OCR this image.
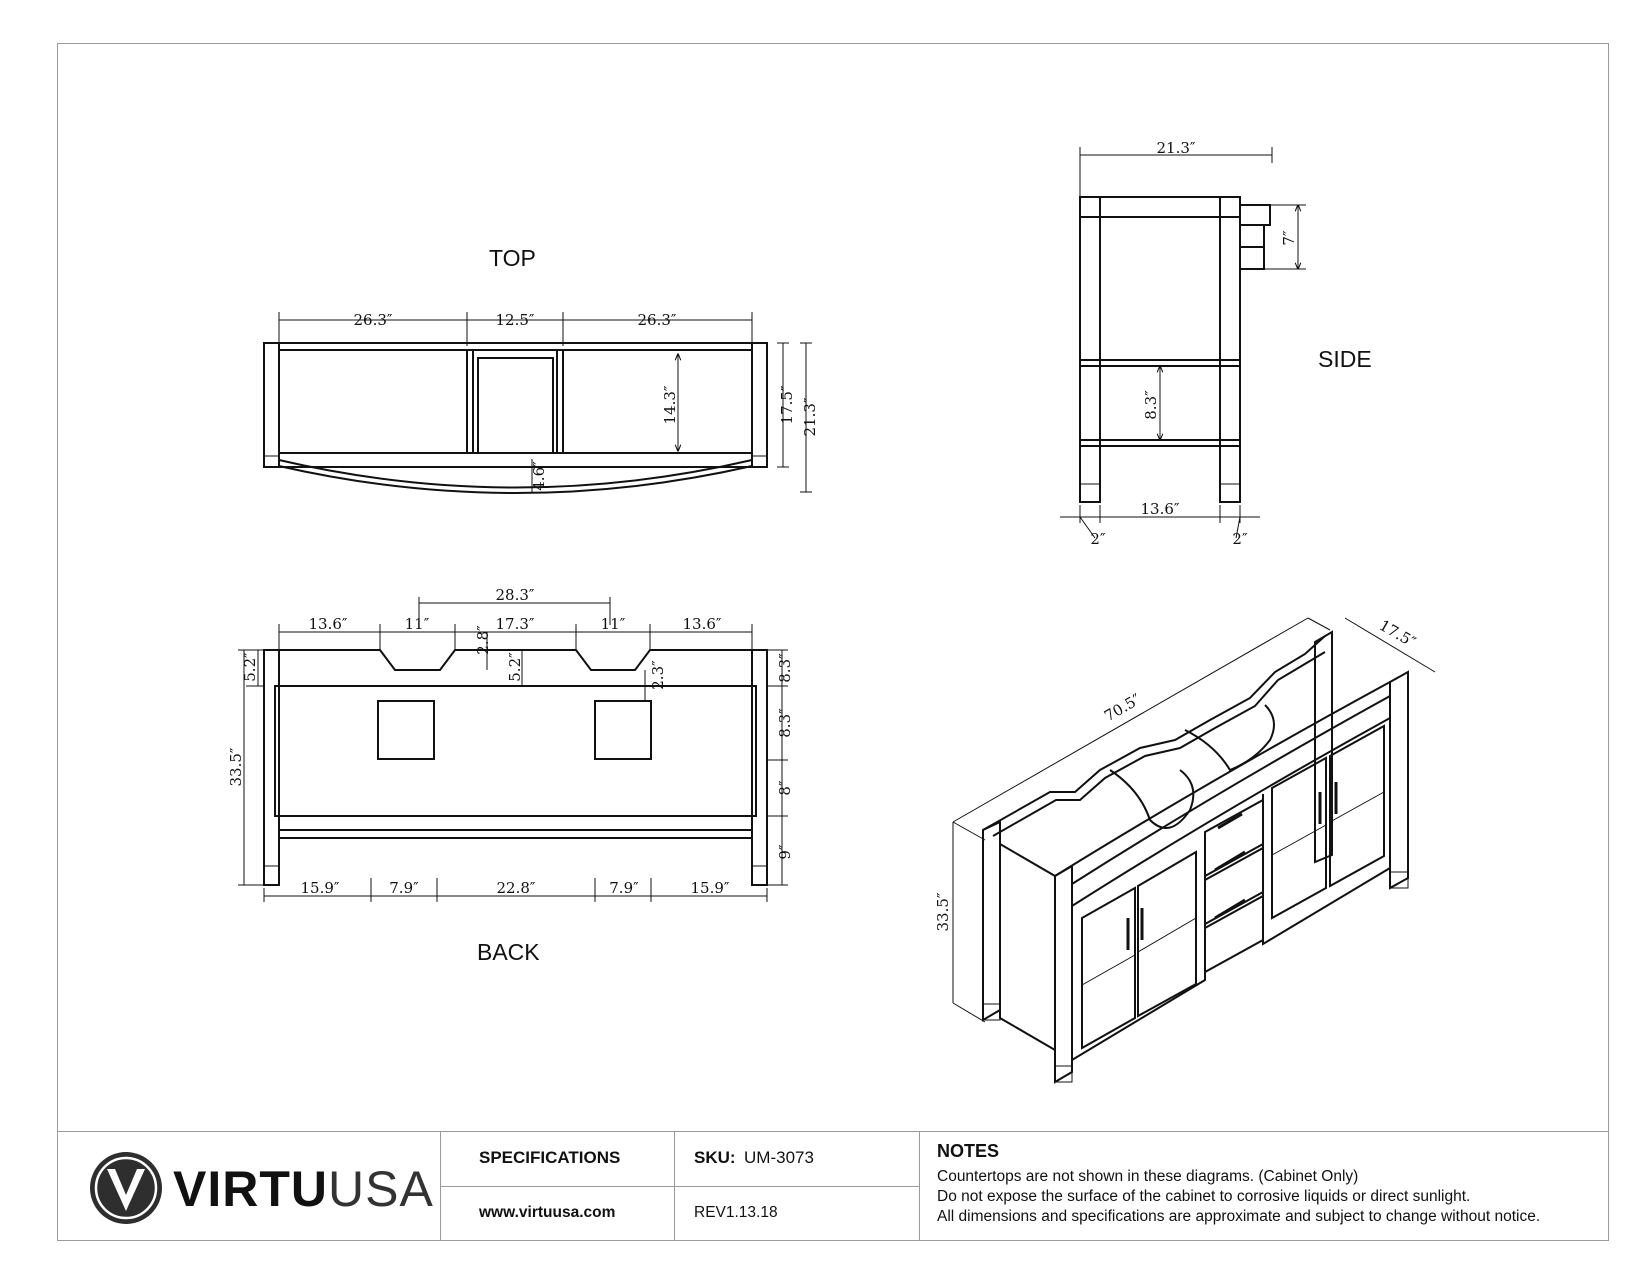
26.3″	12.5″	26.3″
14.3″
4.6″
17.5″ 21.3″
21.3″
7″
8.3″
13.6″
2″	2″
28.3″
13.6″	11″	17.3″	11″	13.6″
2.8″
5.2″	2.3″
5.2″
33.5″
8.3″
8.3″
8″
9″
15.9″	7.9″	22.8″	7.9″	15.9″
70.5″
17.5″
33.5″
TOP
SIDE
BACK
VIRTUUSA
SPECIFICATIONS
www.virtuusa.com
SKU: UM-3073
REV1.13.18
NOTES
Countertops are not shown in these diagrams. (Cabinet Only)
Do not expose the surface of the cabinet to corrosive liquids or direct sunlight.
All dimensions and specifications are approximate and subject to change without notice.
